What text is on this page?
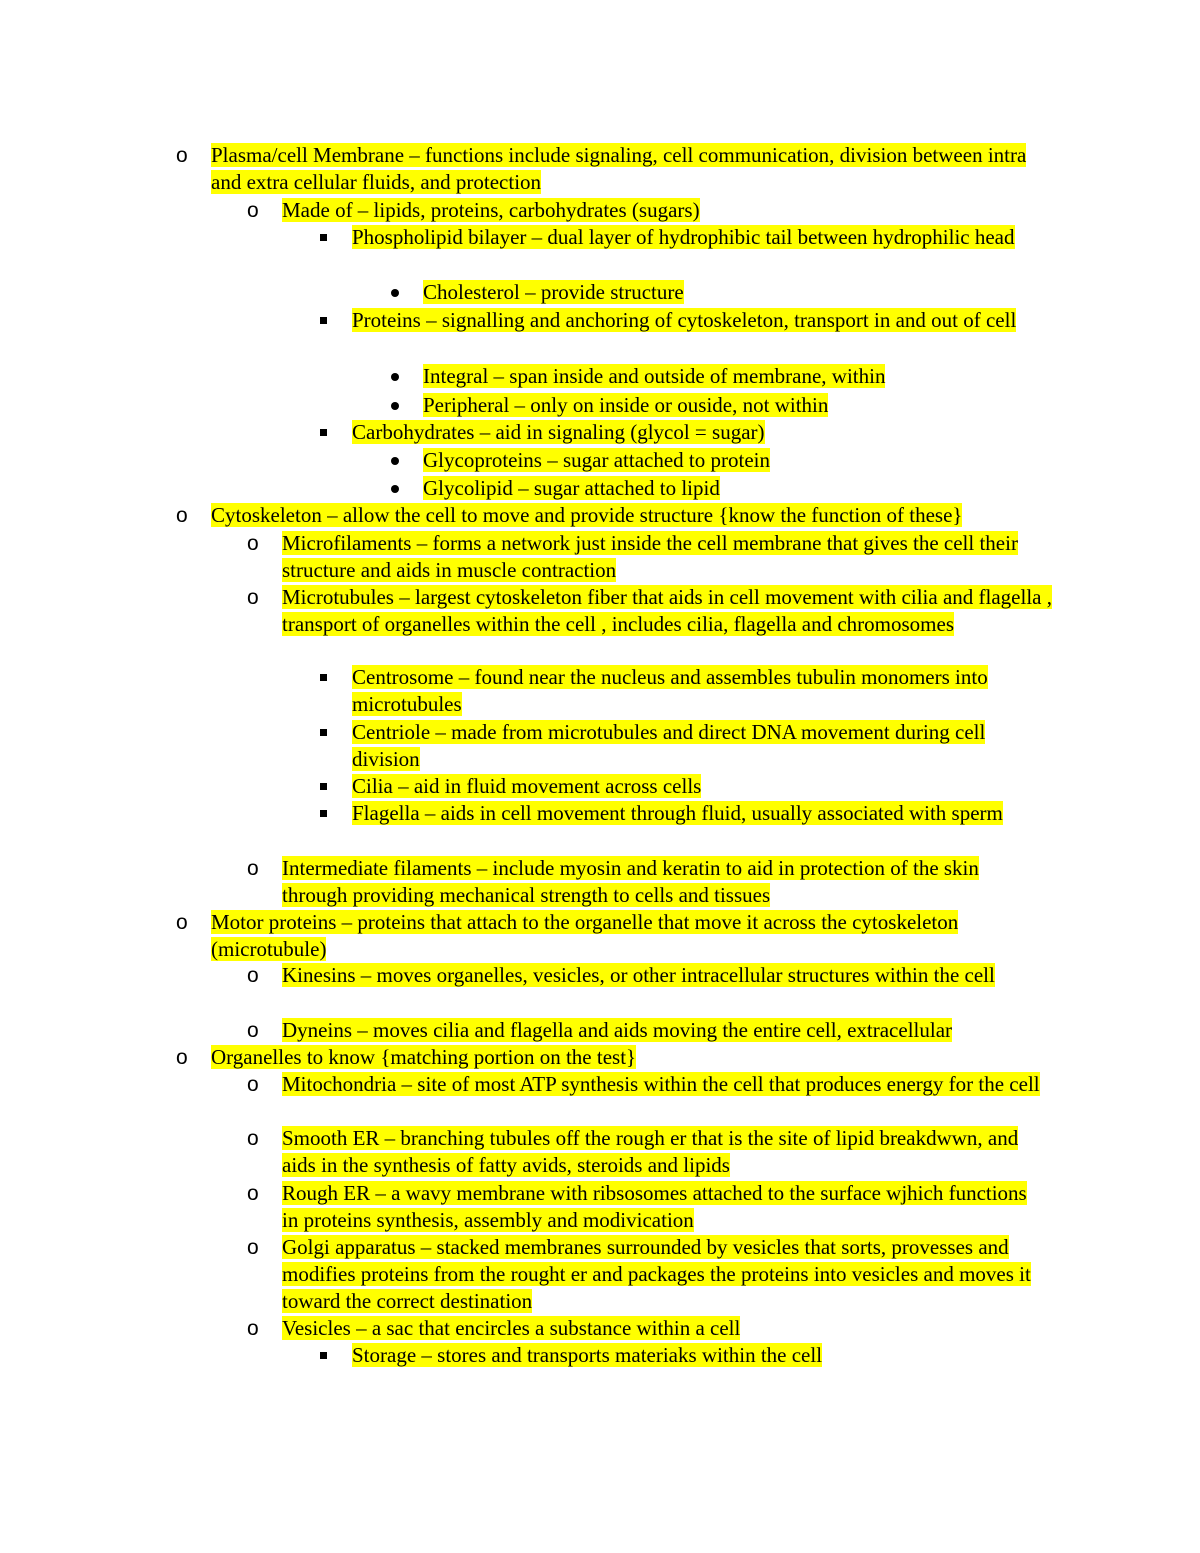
o
Plasma/cell Membrane – functions include signaling, cell communication, division between intra and extra cellular fluids, and protection
o
Made of – lipids, proteins, carbohydrates (sugars)
Phospholipid bilayer – dual layer of hydrophibic tail between hydrophilic head
Cholesterol – provide structure
Proteins – signalling and anchoring of cytoskeleton, transport in and out of cell
Integral – span inside and outside of membrane, within
Peripheral – only on inside or ouside, not within
Carbohydrates – aid in signaling (glycol = sugar)
Glycoproteins – sugar attached to protein
Glycolipid – sugar attached to lipid
o
Cytoskeleton – allow the cell to move and provide structure {know the function of these}
o
Microfilaments – forms a network just inside the cell membrane that gives the cell their structure and aids in muscle contraction
o
Microtubules – largest cytoskeleton fiber that aids in cell movement with cilia and flagella , transport of organelles within the cell , includes cilia, flagella and chromosomes
Centrosome – found near the nucleus and assembles tubulin monomers into microtubules
Centriole – made from microtubules and direct DNA movement during cell division
Cilia – aid in fluid movement across cells
Flagella – aids in cell movement through fluid, usually associated with sperm
o
Intermediate filaments – include myosin and keratin to aid in protection of the skin through providing mechanical strength to cells and tissues
o
Motor proteins – proteins that attach to the organelle that move it across the cytoskeleton (microtubule)
o
Kinesins – moves organelles, vesicles, or other intracellular structures within the cell
o
Dyneins – moves cilia and flagella and aids moving the entire cell, extracellular
o
Organelles to know {matching portion on the test}
o
Mitochondria – site of most ATP synthesis within the cell that produces energy for the cell
o
Smooth ER – branching tubules off the rough er that is the site of lipid breakdwwn, and aids in the synthesis of fatty avids, steroids and lipids
o
Rough ER – a wavy membrane with ribsosomes attached to the surface wjhich functions in proteins synthesis, assembly and modivication
o
Golgi apparatus – stacked membranes surrounded by vesicles that sorts, provesses and modifies proteins from the rought er and packages the proteins into vesicles and moves it toward the correct destination
o
Vesicles – a sac that encircles a substance within a cell
Storage – stores and transports materiaks within the cell
